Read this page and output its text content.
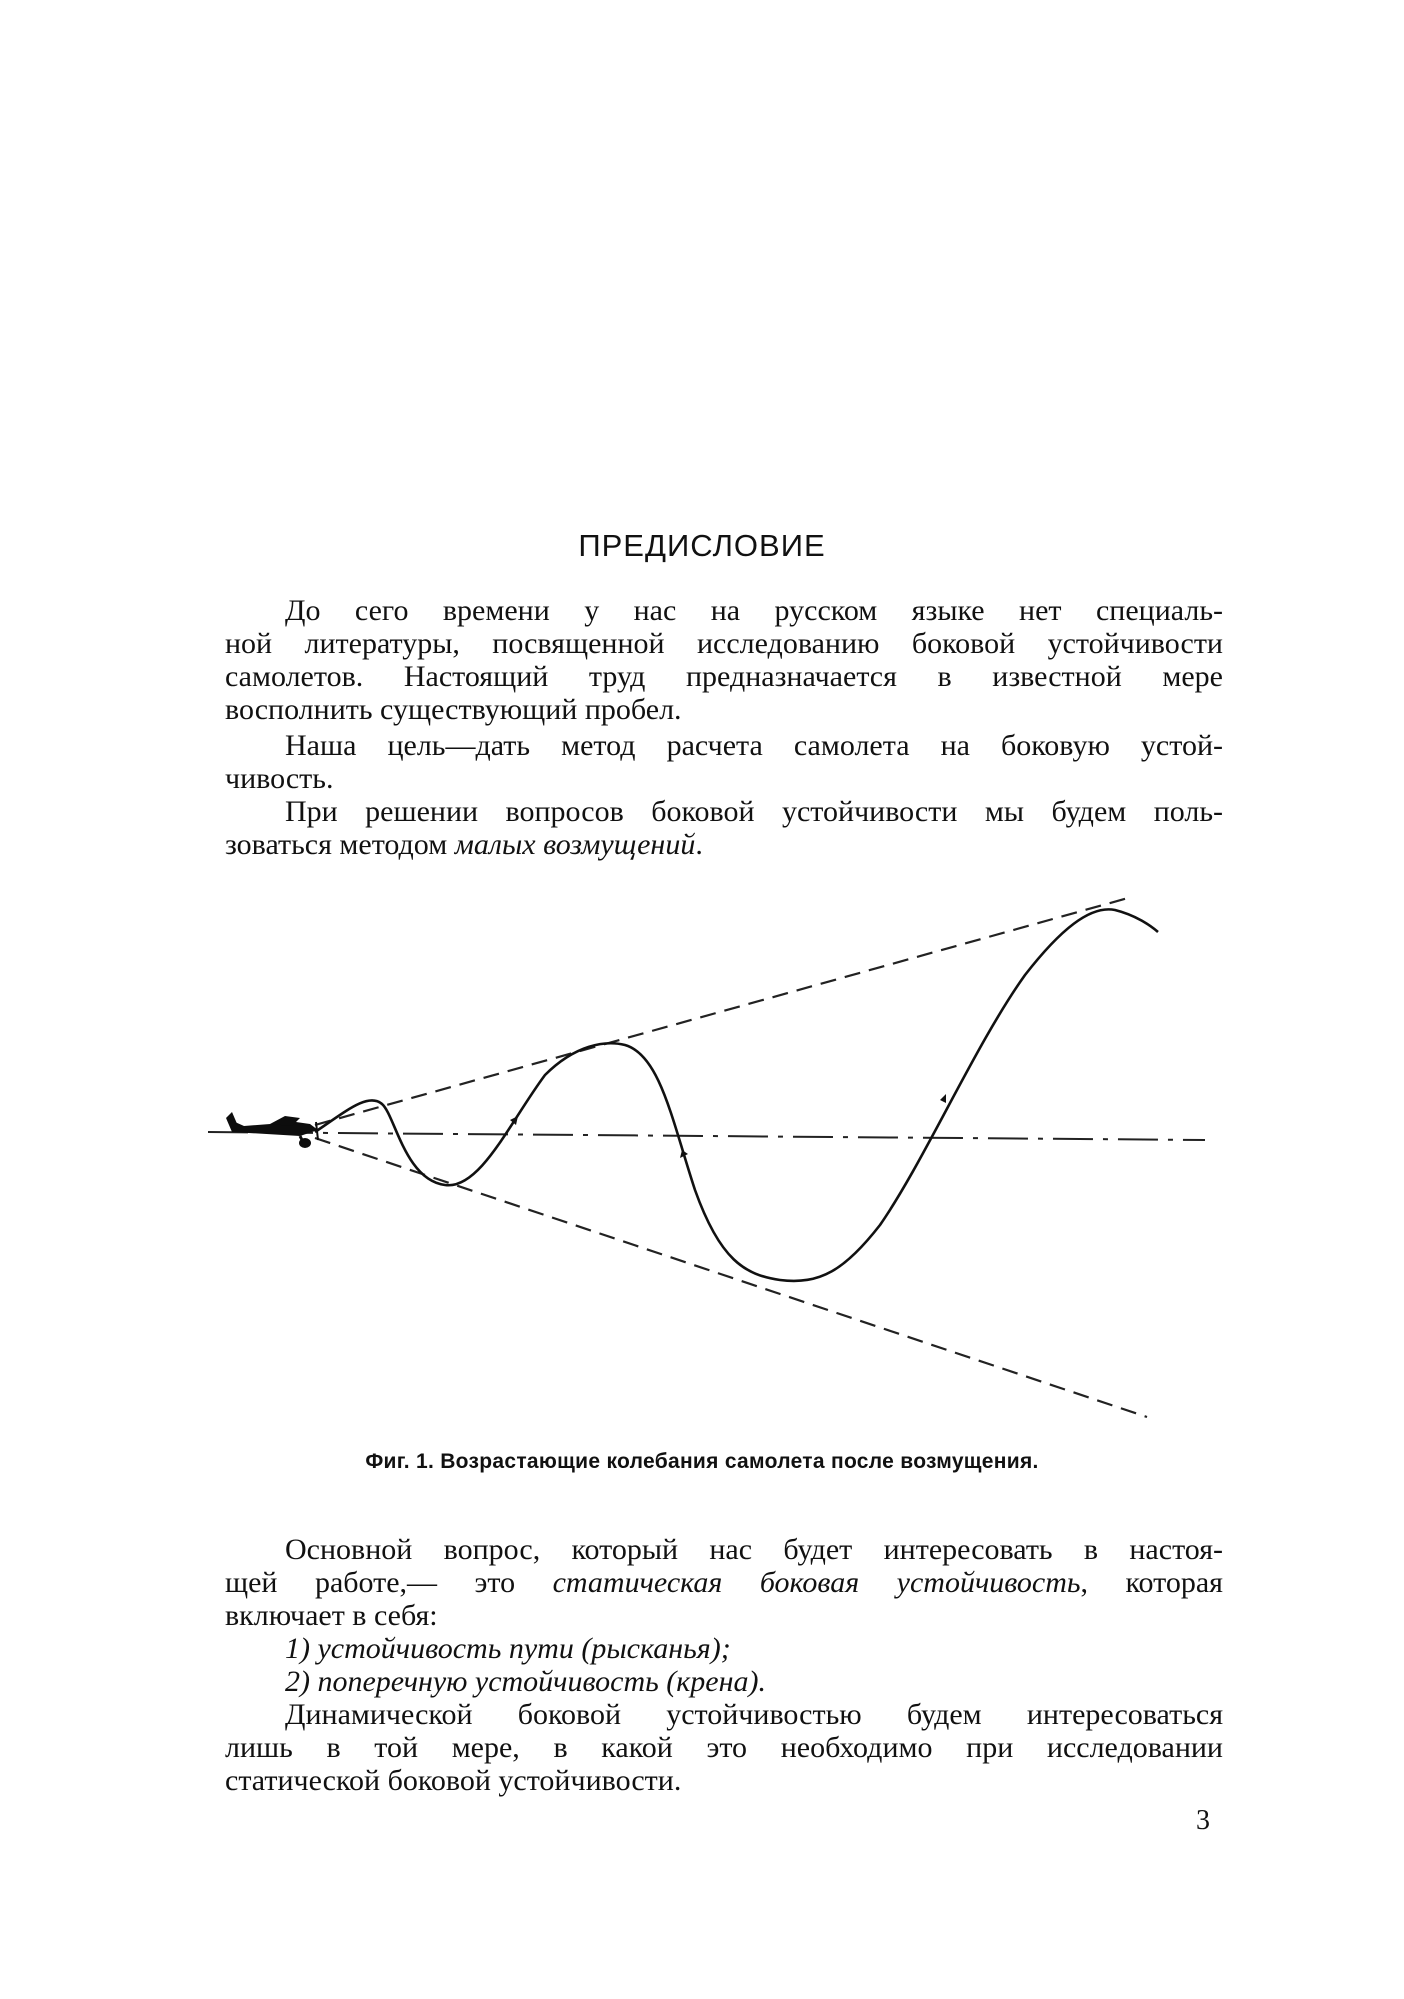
ПРЕДИСЛОВИЕ
До сего времени у нас на русском языке нет специаль-
ной литературы, посвященной исследованию боковой устойчивости
самолетов. Настоящий труд предназначается в известной мере
восполнить существующий пробел.
Наша цель—дать метод расчета самолета на боковую устой-
чивость.
При решении вопросов боковой устойчивости мы будем поль-
зоваться методом малых возмущений.
Фиг. 1. Возрастающие колебания самолета после возмущения.
Основной вопрос, который нас будет интересовать в настоя-
щей работе,— это статическая боковая устойчивость, которая
включает в себя:
1) устойчивость пути (рысканья);
2) поперечную устойчивость (крена).
Динамической боковой устойчивостью будем интересоваться
лишь в той мере, в какой это необходимо при исследовании
статической боковой устойчивости.
3
